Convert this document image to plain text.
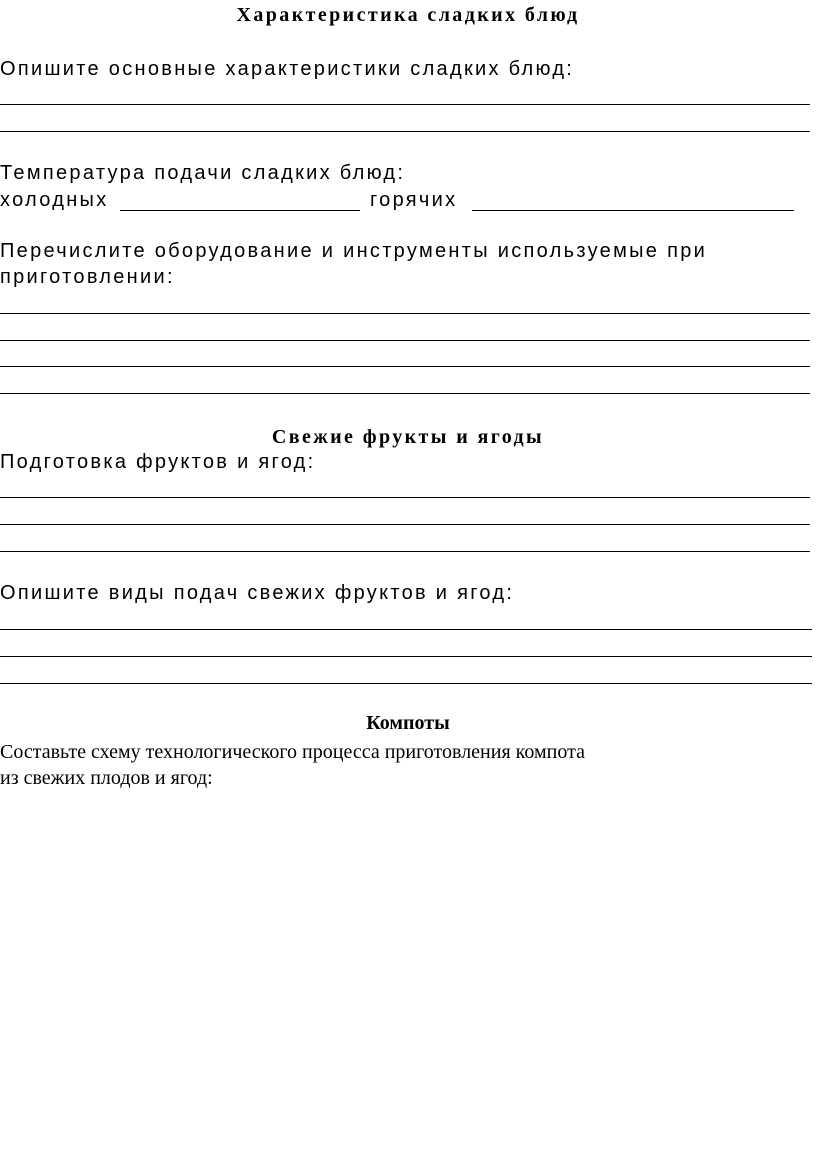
Характеристика сладких блюд
Опишите основные характеристики сладких блюд:
Температура подачи сладких блюд:
холодных	горячих
Перечислите оборудование и инструменты используемые при
приготовлении:
Свежие фрукты и ягоды
Подготовка фруктов и ягод:
Опишите виды подач свежих фруктов и ягод:
Компоты
Составьте схему технологического процесса приготовления компота
из свежих плодов и ягод:
